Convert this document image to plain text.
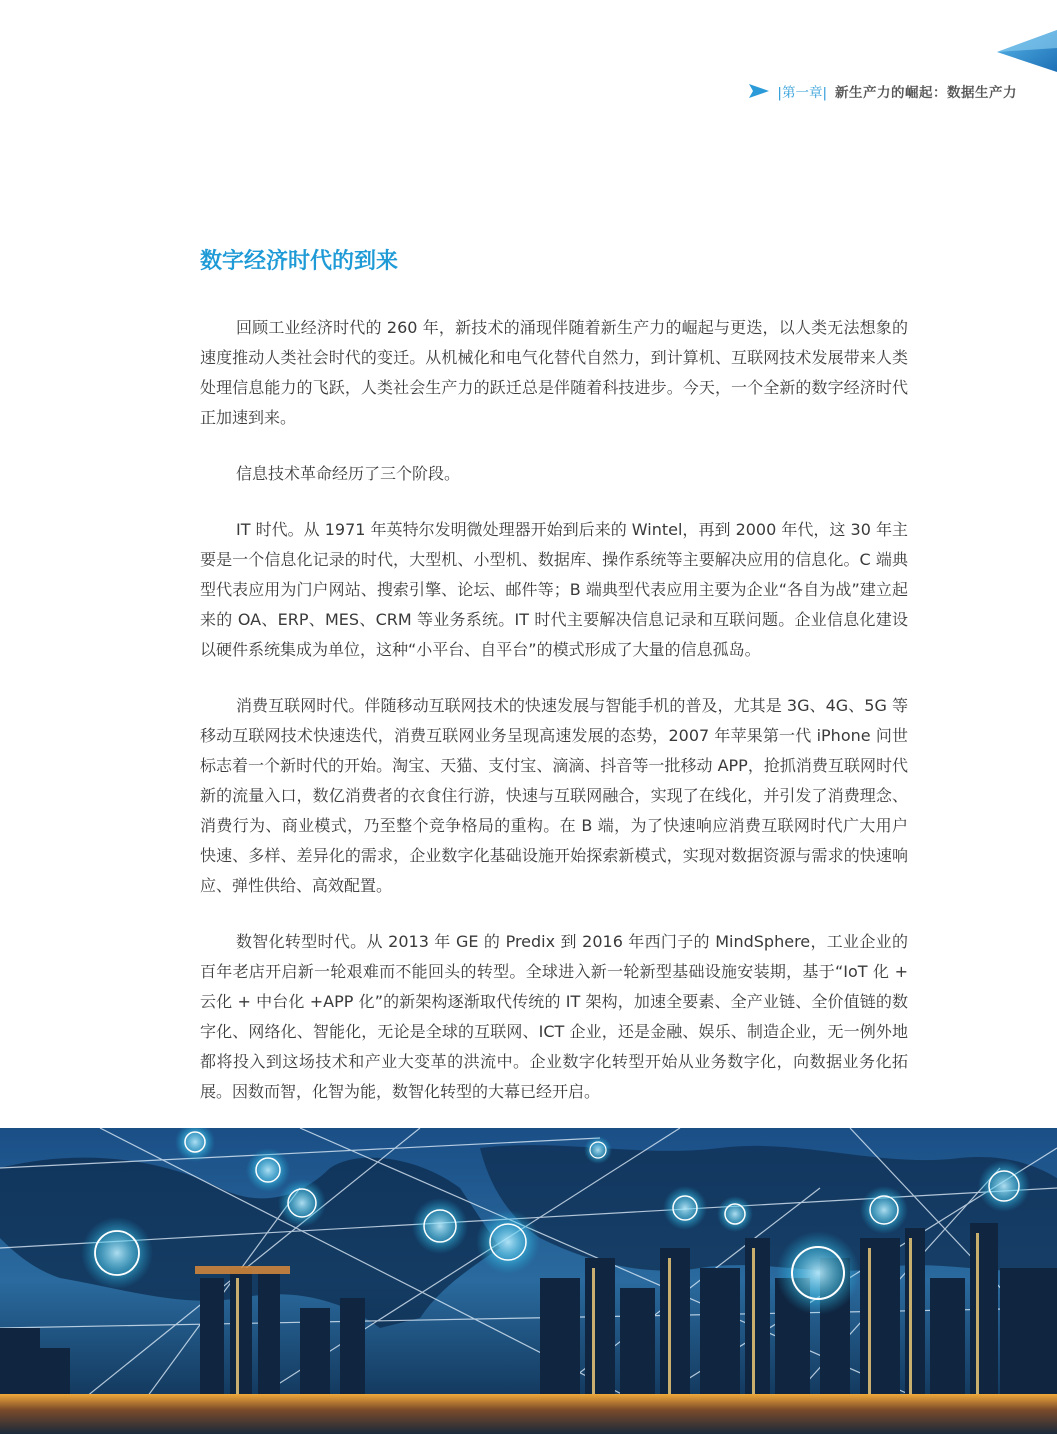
|第一章| 新生产力的崛起：数据生产力
数字经济时代的到来

回顾工业经济时代的 260 年，新技术的涌现伴随着新生产力的崛起与更迭，以人类无法想象的速度推动人类社会时代的变迁。从机械化和电气化替代自然力，到计算机、互联网技术发展带来人类处理信息能力的飞跃，人类社会生产力的跃迁总是伴随着科技进步。今天，一个全新的数字经济时代正加速到来。

信息技术革命经历了三个阶段。

IT 时代。从 1971 年英特尔发明微处理器开始到后来的 Wintel，再到 2000 年代，这 30 年主要是一个信息化记录的时代，大型机、小型机、数据库、操作系统等主要解决应用的信息化。C 端典型代表应用为门户网站、搜索引擎、论坛、邮件等；B 端典型代表应用主要为企业“各自为战”建立起来的 OA、ERP、MES、CRM 等业务系统。IT 时代主要解决信息记录和互联问题。企业信息化建设以硬件系统集成为单位，这种“小平台、自平台”的模式形成了大量的信息孤岛。

消费互联网时代。伴随移动互联网技术的快速发展与智能手机的普及，尤其是 3G、4G、5G 等移动互联网技术快速迭代，消费互联网业务呈现高速发展的态势，2007 年苹果第一代 iPhone 问世标志着一个新时代的开始。淘宝、天猫、支付宝、滴滴、抖音等一批移动 APP，抢抓消费互联网时代新的流量入口，数亿消费者的衣食住行游，快速与互联网融合，实现了在线化，并引发了消费理念、消费行为、商业模式，乃至整个竞争格局的重构。在 B 端，为了快速响应消费互联网时代广大用户快速、多样、差异化的需求，企业数字化基础设施开始探索新模式，实现对数据资源与需求的快速响应、弹性供给、高效配置。

数智化转型时代。从 2013 年 GE 的 Predix 到 2016 年西门子的 MindSphere，工业企业的百年老店开启新一轮艰难而不能回头的转型。全球进入新一轮新型基础设施安装期，基于“IoT 化 + 云化 + 中台化 +APP 化”的新架构逐渐取代传统的 IT 架构，加速全要素、全产业链、全价值链的数字化、网络化、智能化，无论是全球的互联网、ICT 企业，还是金融、娱乐、制造企业，无一例外地都将投入到这场技术和产业大变革的洪流中。企业数字化转型开始从业务数字化，向数据业务化拓展。因数而智，化智为能，数智化转型的大幕已经开启。
